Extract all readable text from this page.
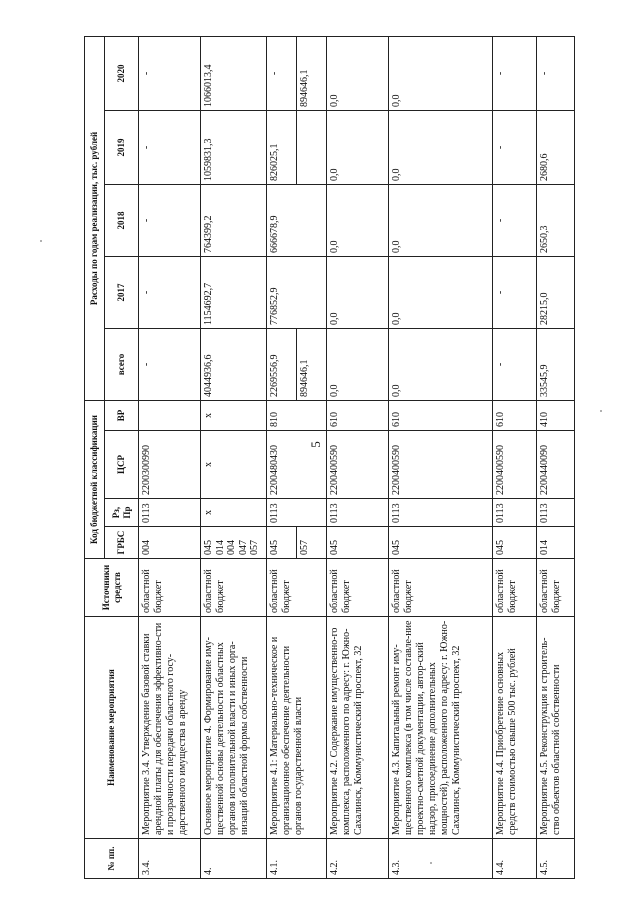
5
№ пп.	Наименование мероприятия	Источники средств	Код бюджетной классификации				Расходы по годам реализации, тыс. рублей				
			ГРБС	Рз, Пр	ЦСР	ВР	всего	2017	2018	2019	2020
3.4.	Мероприятие 3.4. Утверждение базовой ставки арендной платы для обеспечения эффективно-сти и прозрачности передачи областного госу-дарственного имущества в аренду	областной бюджет	004	0113	2200300990		-	-	-	-	-
4.	Основное мероприятие 4. Формирование иму-щественной основы деятельности областных органов исполнительной власти и иных орга-низаций областной формы собственности	областной бюджет	045 014 004 047 057	х	х	х	4044936,6	1154692,7	764399,2	1059831,3	1066013,4
4.1.	Мероприятие 4.1: Материально-техническое и организационное обеспечение деятельности органов государственной власти	областной бюджет	045	0113	2200480430	810	2269556,9	776852,9	666678,9	826025,1	-
			057				894646,1				894646,1
4.2.	Мероприятие 4.2. Содержание имущественно-го комплекса, расположенного по адресу: г. Южно-Сахалинск, Коммунистический проспект, 32	областной бюджет	045	0113	2200400590	610	0,0	0,0	0,0	0,0	0,0
4.3.	Мероприятие 4.3. Капитальный ремонт иму-щественного комплекса (в том числе составле-ние проектно-сметной документации, автор-ский надзор, присоединение дополнительных мощностей), расположенного по адресу: г. Южно-Сахалинск, Коммунистический проспект, 32	областной бюджет	045	0113	2200400590	610	0,0	0,0	0,0	0,0	0,0
4.4.	Мероприятие 4.4. Приобретение основных средств стоимостью свыше 500 тыс. рублей	областной бюджет	045	0113	2200400590	610	-	-	-	-	-
4.5.	Мероприятие 4.5. Реконструкция и строитель-ство объектов областной собственности	областной бюджет	014	0113	2200440090	410	33545,9	28215,0	2650,3	2680,6	-
